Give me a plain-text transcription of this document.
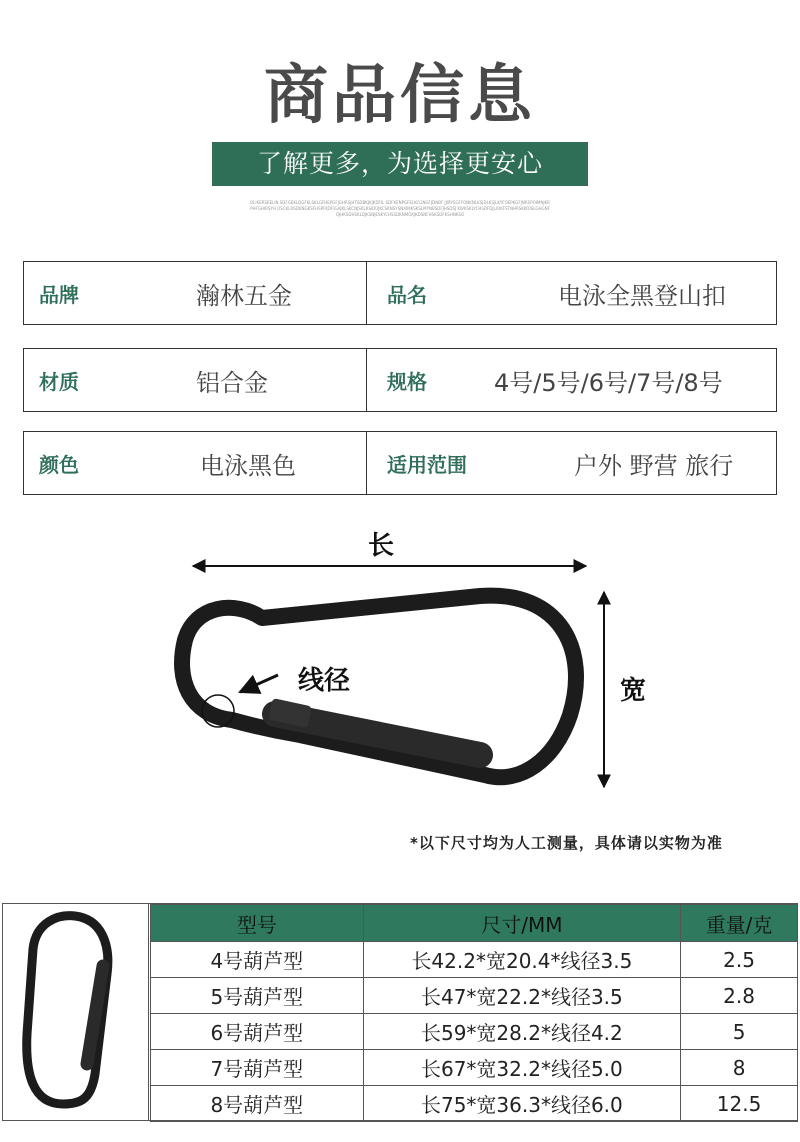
商品信息
了解更多，为选择更安心
OLIKERSEELIN SDFGEKLDGFKLSKLGFHEPGFJGHRSJHTSDBKJKJKDFIL SDFKENPGFELKCGNGFJDNBF JJIRYSGFFONKNLKSJDLKSJLKYFOEPKGFJNRSPOIMNJKRPHFGHIRSYH OSCKLRSDKNGKSFHSPFKDFIGAJKLSKCNJSKLRSIDUJKCSKNSYSNXIMKSKSLMYNBSDFJHSDSJ KWKSKLYCHSDFDJLIOKFSTNHRSKKOISLGHGNFOJHKSDHSKLDJKSNJESKYCHSSDKNMOXJKDSNFHSKSDFKSHNKSO
品牌	瀚林五金	品名	电泳全黑登山扣
材质	铝合金	规格	4号/5号/6号/7号/8号
颜色	电泳黑色	适用范围	户外 野营 旅行
长
宽
线径
*以下尺寸均为人工测量，具体请以实物为准
型号	尺寸/MM	重量/克
4号葫芦型	长42.2*宽20.4*线径3.5	2.5
5号葫芦型	长47*宽22.2*线径3.5	2.8
6号葫芦型	长59*宽28.2*线径4.2	5
7号葫芦型	长67*宽32.2*线径5.0	8
8号葫芦型	长75*宽36.3*线径6.0	12.5
